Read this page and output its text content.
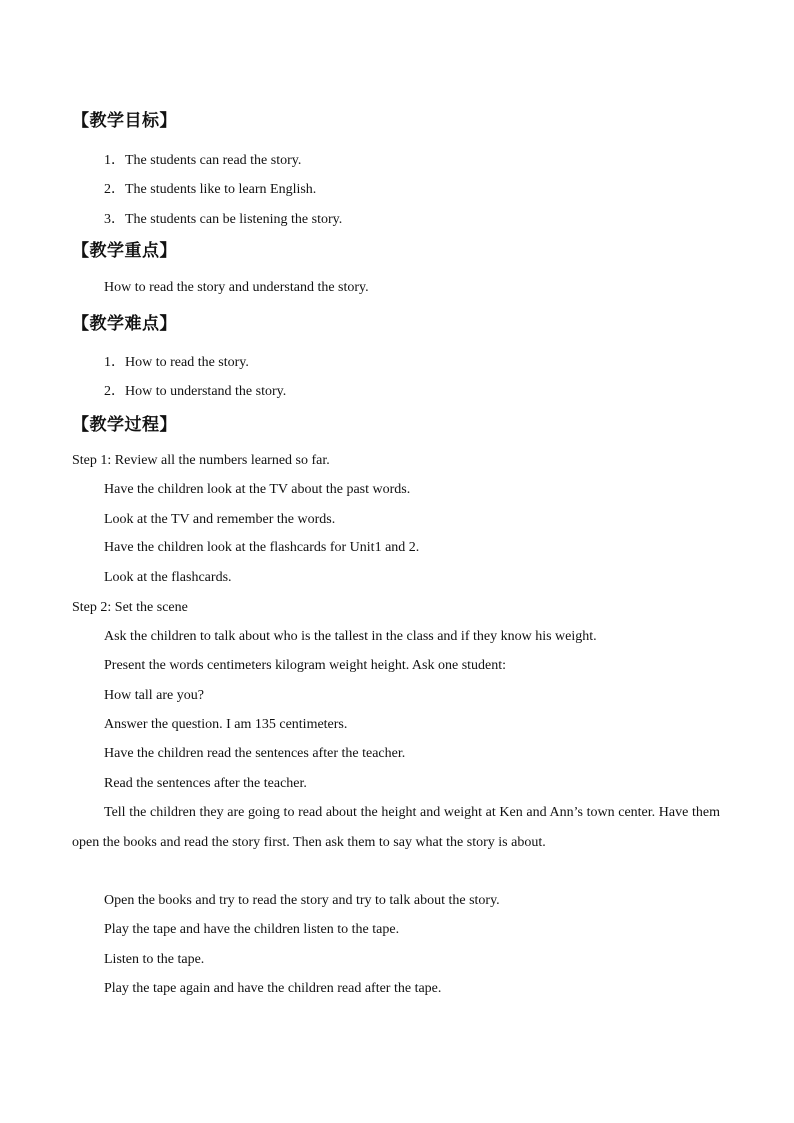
【教学目标】
1．The students can read the story.
2．The students like to learn English.
3．The students can be listening the story.
【教学重点】
How to read the story and understand the story.
【教学难点】
1．How to read the story.
2．How to understand the story.
【教学过程】
Step 1: Review all the numbers learned so far.
Have the children look at the TV about the past words.
Look at the TV and remember the words.
Have the children look at the flashcards for Unit1 and 2.
Look at the flashcards.
Step 2: Set the scene
Ask the children to talk about who is the tallest in the class and if they know his weight.
Present the words centimeters kilogram weight height. Ask one student:
How tall are you?
Answer the question. I am 135 centimeters.
Have the children read the sentences after the teacher.
Read the sentences after the teacher.
Tell the children they are going to read about the height and weight at Ken and Ann’s town center. Have them open the books and read the story first. Then ask them to say what the story is about.
Open the books and try to read the story and try to talk about the story.
Play the tape and have the children listen to the tape.
Listen to the tape.
Play the tape again and have the children read after the tape.
